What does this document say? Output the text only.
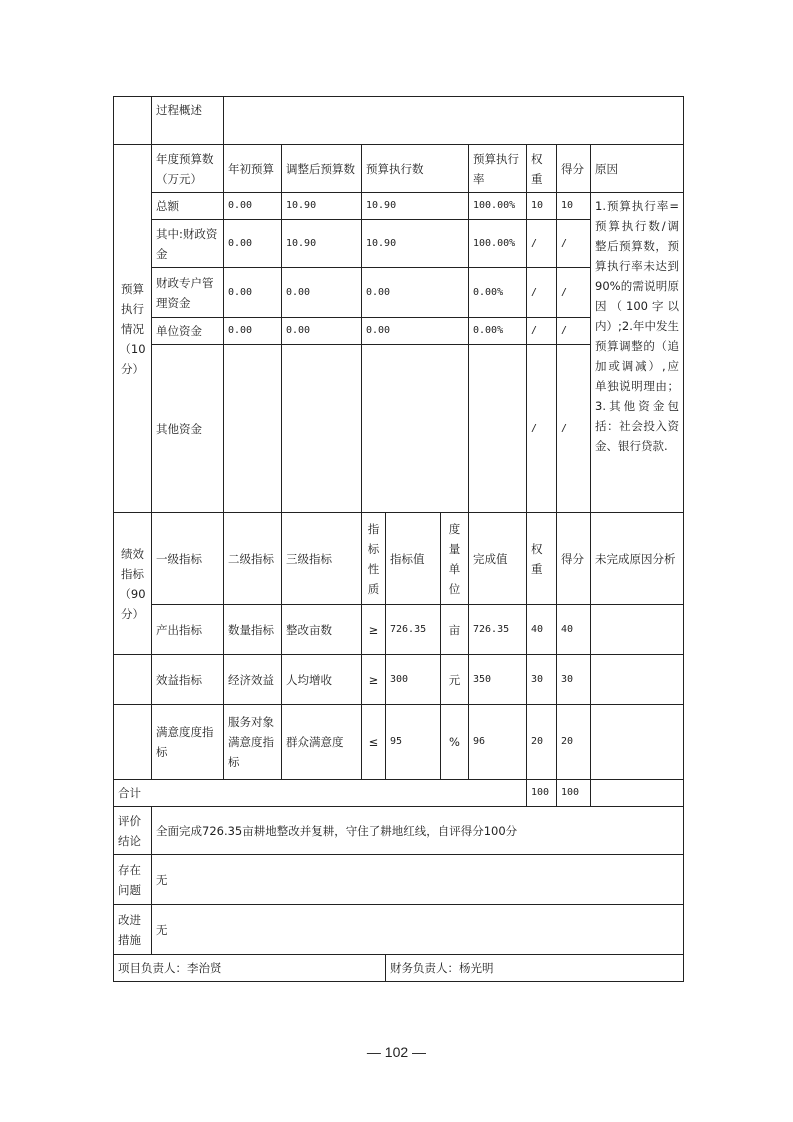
	过程概述									
预算执行情况（10分）	年度预算数（万元）	年初预算	调整后预算数	预算执行数			预算执行率	权重	得分	原因
	总额	0.00	10.90	10.90			100.00%	10	10	1.预算执行率=预算执行数/调整后预算数，预算执行率未达到90%的需说明原因（100字以内）;2.年中发生预算调整的（追加或调减）,应单独说明理由；3.其他资金包括：社会投入资金、银行贷款.
	其中:财政资金	0.00	10.90	10.90			100.00%	/	/	
	财政专户管理资金	0.00	0.00	0.00			0.00%	/	/	
	单位资金	0.00	0.00	0.00			0.00%	/	/	
	其他资金							/	/	
绩效指标（90分）	一级指标	二级指标	三级指标	指标性质	指标值	度量单位	完成值	权重	得分	未完成原因分析
	产出指标	数量指标	整改亩数	≥	726.35	亩	726.35	40	40	
	效益指标	经济效益	人均增收	≥	300	元	350	30	30	
	满意度度指标	服务对象满意度指标	群众满意度	≤	95	%	96	20	20	
合计								100	100	
评价结论	全面完成726.35亩耕地整改并复耕，守住了耕地红线，自评得分100分									
存在问题	无									
改进措施	无									
项目负责人：李治贤					财务负责人：杨光明					
— 102 —
